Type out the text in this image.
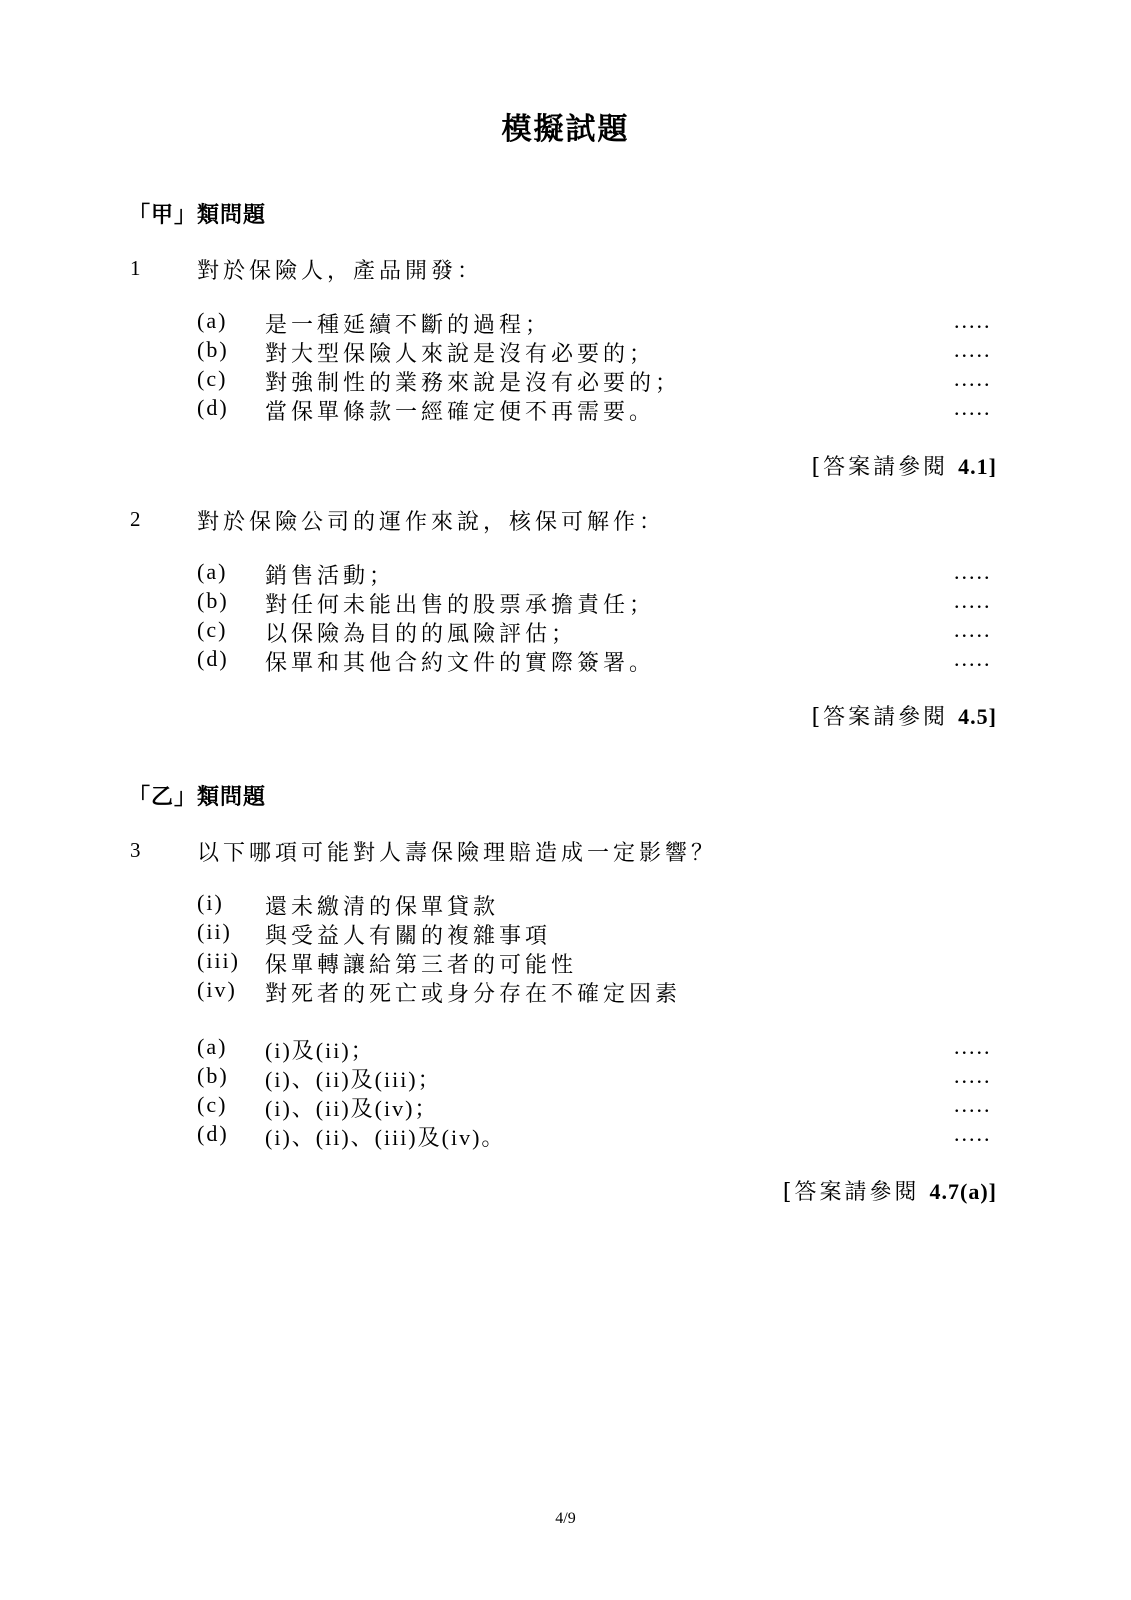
模擬試題
「甲」類問題
1	對於保險人，產品開發：
(a) 是一種延續不斷的過程；	.....
(b) 對大型保險人來說是沒有必要的；	.....
(c) 對強制性的業務來說是沒有必要的；	.....
(d) 當保單條款一經確定便不再需要。	.....
[答案請參閱 4.1]
2	對於保險公司的運作來說，核保可解作：
(a) 銷售活動；	.....
(b) 對任何未能出售的股票承擔責任；	.....
(c) 以保險為目的的風險評估；	.....
(d) 保單和其他合約文件的實際簽署。	.....
[答案請參閱 4.5]
「乙」類問題
3	以下哪項可能對人壽保險理賠造成一定影響？
(i) 還未繳清的保單貸款
(ii) 與受益人有關的複雜事項
(iii) 保單轉讓給第三者的可能性
(iv) 對死者的死亡或身分存在不確定因素
(a) (i)及(ii)；	.....
(b) (i)、(ii)及(iii)；	.....
(c) (i)、(ii)及(iv)；	.....
(d) (i)、(ii)、(iii)及(iv)。	.....
[答案請參閱 4.7(a)]
4/9
